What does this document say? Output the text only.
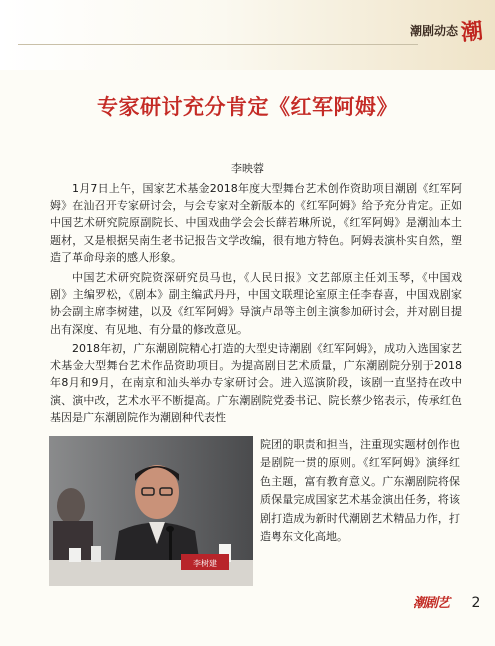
潮剧动态 潮
专家研讨充分肯定《红军阿姆》
李映蓉

1月7日上午，国家艺术基金2018年度大型舞台艺术创作资助项目潮剧《红军阿姆》在汕召开专家研讨会，与会专家对全新版本的《红军阿姆》给予充分肯定。正如中国艺术研究院原副院长、中国戏曲学会会长薛若琳所说，《红军阿姆》是潮汕本土题材，又是根据吴南生老书记报告文学改编，很有地方特色。阿姆表演朴实自然，塑造了革命母亲的感人形象。

中国艺术研究院资深研究员马也，《人民日报》文艺部原主任刘玉琴，《中国戏剧》主编罗松，《剧本》副主编武丹丹，中国文联理论室原主任李春喜，中国戏剧家协会副主席李树建，以及《红军阿姆》导演卢昂等主创主演参加研讨会，并对剧目提出有深度、有见地、有分量的修改意见。

2018年初，广东潮剧院精心打造的大型史诗潮剧《红军阿姆》，成功入选国家艺术基金大型舞台艺术作品资助项目。为提高剧目艺术质量，广东潮剧院分别于2018年8月和9月，在南京和汕头举办专家研讨会。进入巡演阶段，该剧一直坚持在改中演、演中改，艺术水平不断提高。广东潮剧院党委书记、院长蔡少铭表示，传承红色基因是广东潮剧院作为潮剧种代表性

李树建

院团的职责和担当，注重现实题材创作也是剧院一贯的原则。《红军阿姆》演绎红色主题，富有教育意义。广东潮剧院将保质保量完成国家艺术基金演出任务，将该剧打造成为新时代潮剧艺术精品力作，打造粤东文化高地。

潮剧艺	2
